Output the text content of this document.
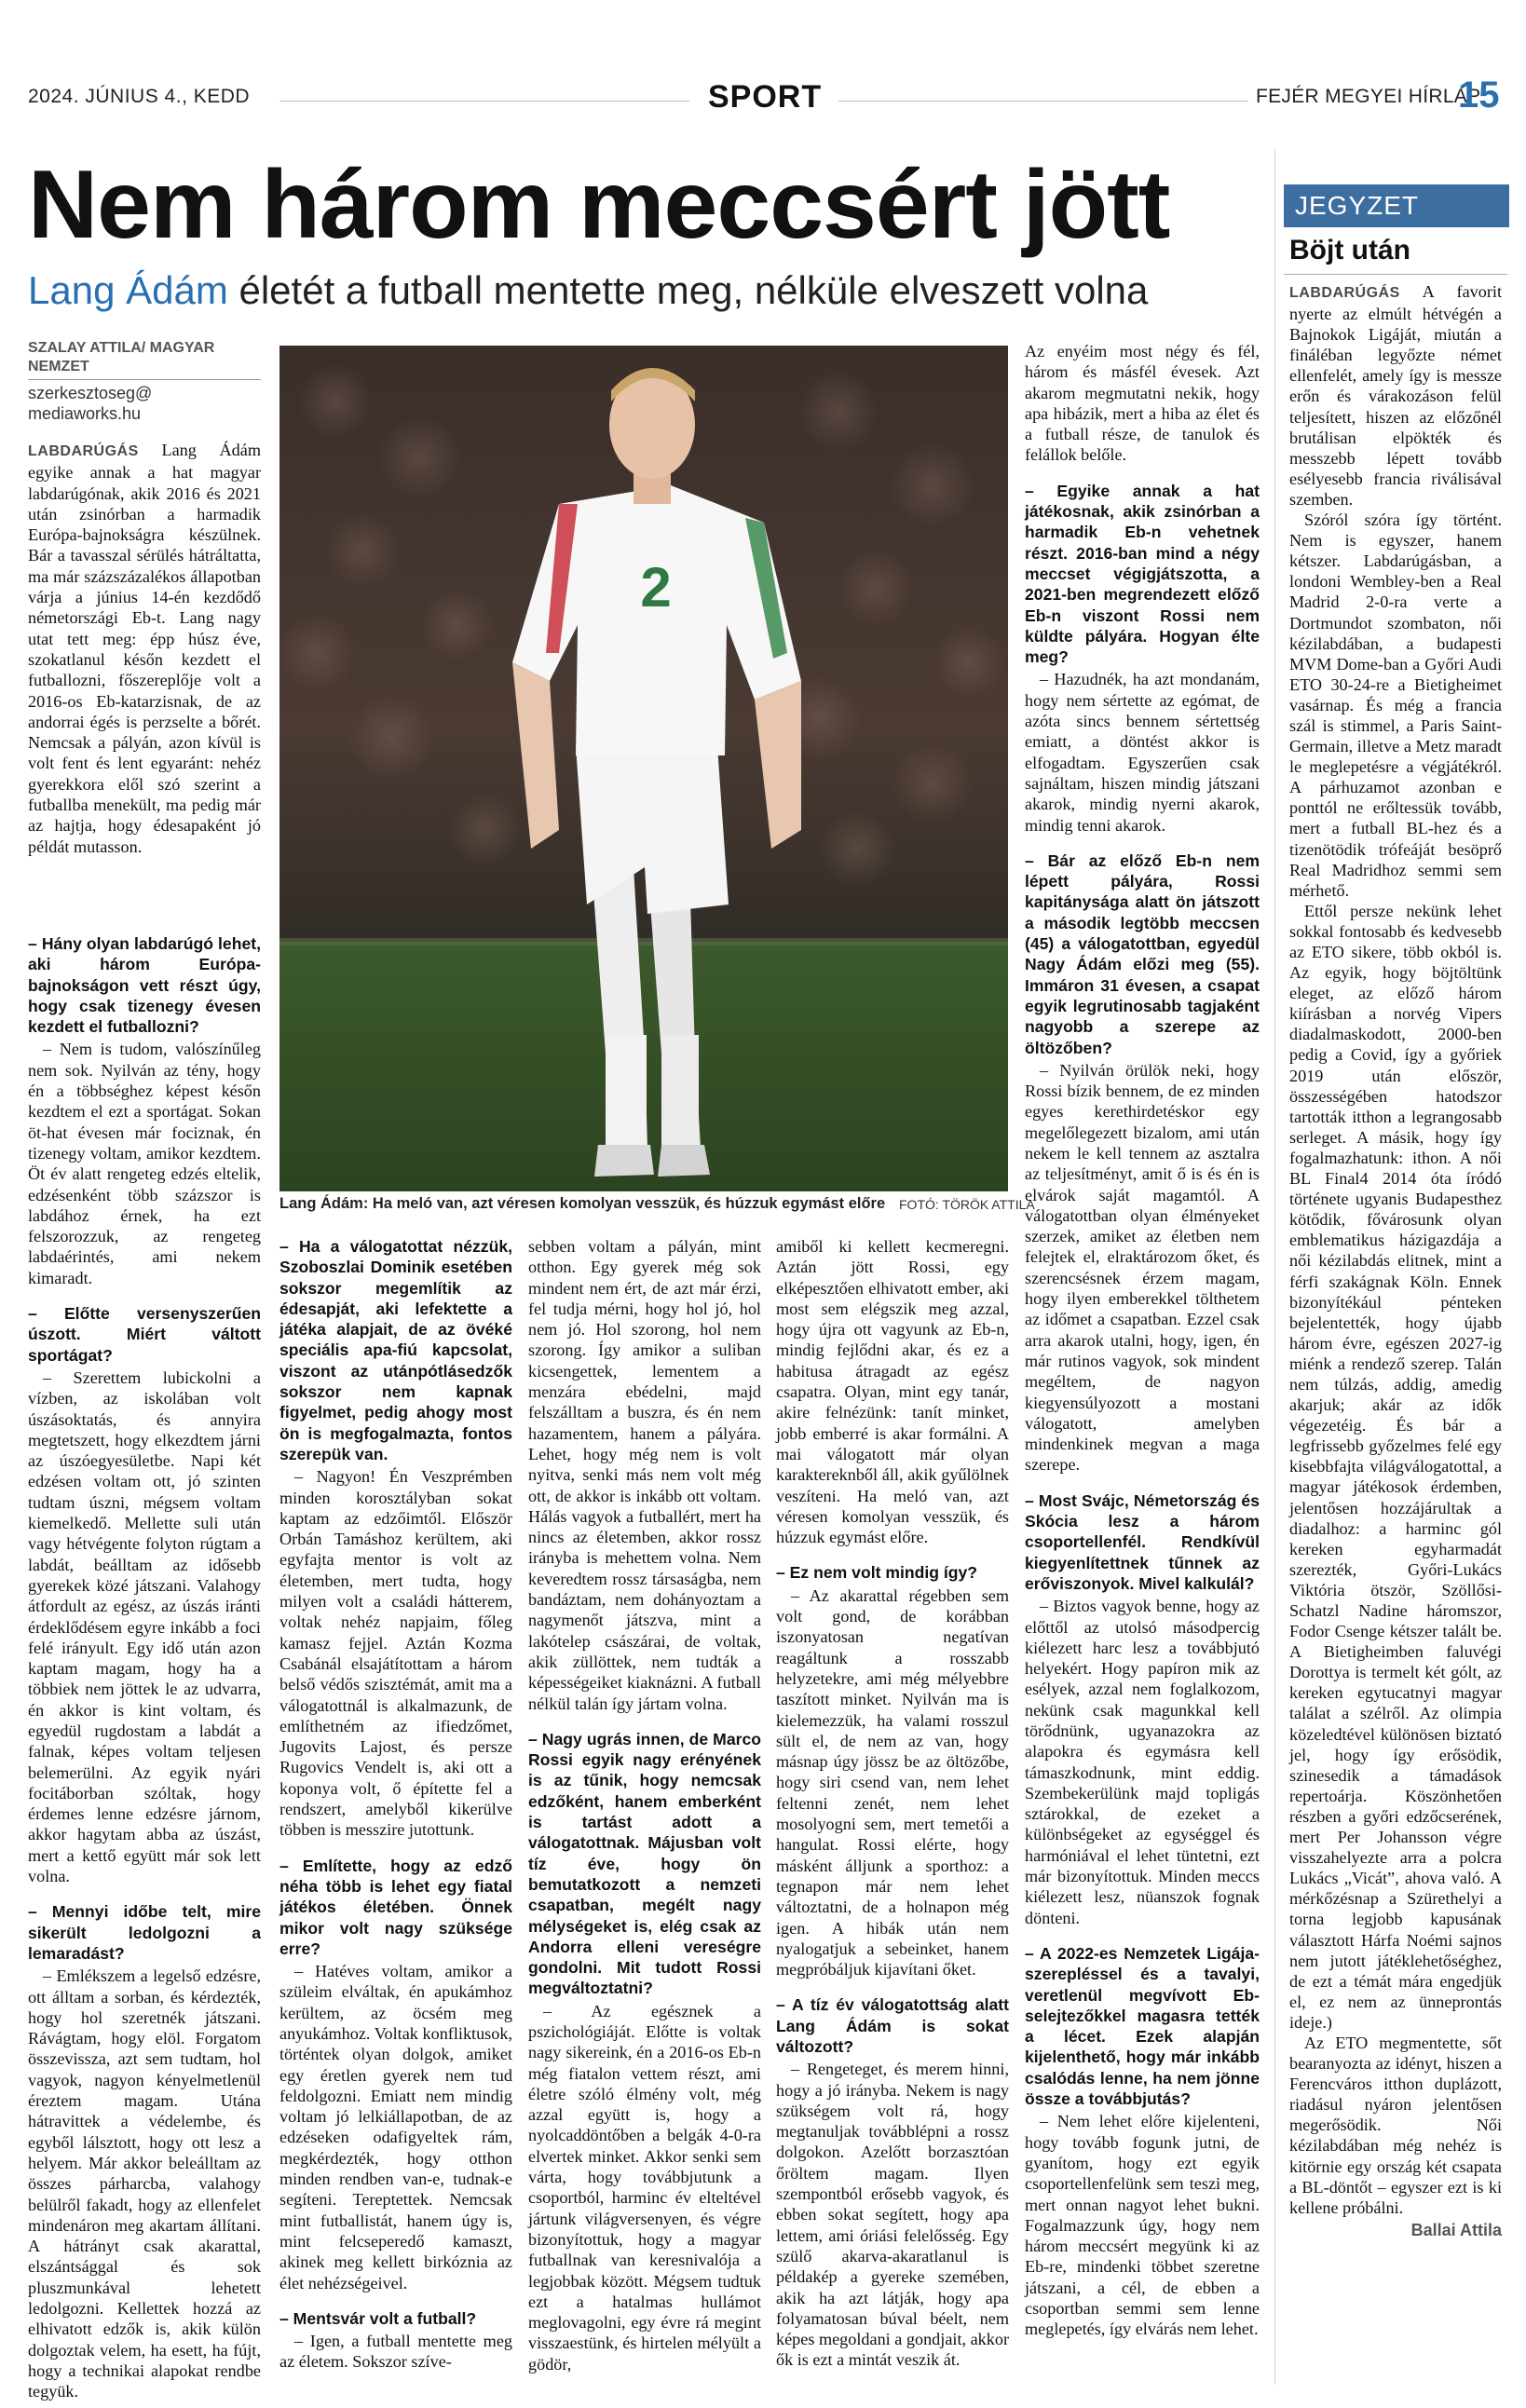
2024. JÚNIUS 4., KEDD	SPORT	FEJÉR MEGYEI HÍRLAP
15
Nem három meccsért jött
Lang Ádám életét a futball mentette meg, nélküle elveszett volna
SZALAY ATTILA/ MAGYAR NEMZET
szerkesztoseg@ mediaworks.hu

LABDARÚGÁS Lang Ádám egyike annak a hat magyar labdarúgónak, akik 2016 és 2021 után zsinórban a harmadik Európa-bajnokságra készülnek. Bár a tavasszal sérülés hátráltatta, ma már százszázalékos állapotban várja a június 14-én kezdődő németországi Eb-t. Lang nagy utat tett meg: épp húsz éve, szokatlanul későn kezdett el futballozni, főszereplője volt a 2016-os Eb-katarzisnak, de az andorrai égés is perzselte a bőrét. Nemcsak a pályán, azon kívül is volt fent és lent egyaránt: nehéz gyerekkora elől szó szerint a futballba menekült, ma pedig már az hajtja, hogy édesapaként jó példát mutasson.

2
Lang Ádám: Ha meló van, azt véresen komolyan vesszük, és húzzuk egymást előre FOTÓ: TÖRÖK ATTILA

– Hány olyan labdarúgó lehet, aki három Európa-bajnokságon vett részt úgy, hogy csak tizenegy évesen kezdett el futballozni?

– Nem is tudom, valószínűleg nem sok. Nyilván az tény, hogy én a többséghez képest későn kezdtem el ezt a sportágat. Sokan öt-hat évesen már fociznak, én tizenegy voltam, amikor kezdtem. Öt év alatt rengeteg edzés eltelik, edzésenként több százszor is labdához érnek, ha ezt felszorozzuk, az rengeteg labdaérintés, ami nekem kimaradt.

– Előtte versenyszerűen úszott. Miért váltott sportágat?

– Szerettem lubickolni a vízben, az iskolában volt úszásoktatás, és annyira megtetszett, hogy elkezdtem járni az úszóegyesületbe. Napi két edzésen voltam ott, jó szinten tudtam úszni, mégsem voltam kiemelkedő. Mellette suli után vagy hétvégente folyton rúgtam a labdát, beálltam az idősebb gyerekek közé játszani. Valahogy átfordult az egész, az úszás iránti érdeklődésem egyre inkább a foci felé irányult. Egy idő után azon kaptam magam, hogy ha a többiek nem jöttek le az udvarra, én akkor is kint voltam, és egyedül rugdostam a labdát a falnak, képes voltam teljesen belemerülni. Az egyik nyári focitáborban szóltak, hogy érdemes lenne edzésre járnom, akkor hagytam abba az úszást, mert a kettő együtt már sok lett volna.

– Mennyi időbe telt, mire sikerült ledolgozni a lemaradást?

– Emlékszem a legelső edzésre, ott álltam a sorban, és kérdezték, hogy hol szeretnék játszani. Rávágtam, hogy elöl. Forgatom összevissza, azt sem tudtam, hol vagyok, nagyon kényelmetlenül éreztem magam. Utána hátravittek a védelembe, és egyből lálsztott, hogy ott lesz a helyem. Már akkor beleálltam az összes párharcba, valahogy belülről fakadt, hogy az ellenfelet mindenáron meg akartam állítani. A hátrányt csak akarattal, elszántsággal és sok pluszmunkával lehetett ledolgozni. Kellettek hozzá az elhivatott edzők is, akik külön dolgoztak velem, ha esett, ha fújt, hogy a technikai alapokat rendbe tegyük.

– Ha a válogatottat nézzük, Szoboszlai Dominik esetében sokszor megemlítik az édesapját, aki lefektette a játéka alapjait, de az övéké speciális apa-fiú kapcsolat, viszont az utánpótlásedzők sokszor nem kapnak figyelmet, pedig ahogy most ön is megfogalmazta, fontos szerepük van.

– Nagyon! Én Veszprémben minden korosztályban sokat kaptam az edzőimtől. Először Orbán Tamáshoz kerültem, aki egyfajta mentor is volt az életemben, mert tudta, hogy milyen volt a családi hátterem, voltak nehéz napjaim, főleg kamasz fejjel. Aztán Kozma Csabánál elsajátítottam a három belső védős szisztémát, amit ma a válogatottnál is alkalmazunk, de említhetném az ifiedzőmet, Jugovits Lajost, és persze Rugovics Vendelt is, aki ott a koponya volt, ő építette fel a rendszert, amelyből kikerülve többen is messzire jutottunk.

– Említette, hogy az edző néha több is lehet egy fiatal játékos életében. Önnek mikor volt nagy szüksége erre?

– Hatéves voltam, amikor a szüleim elváltak, én apukámhoz kerültem, az öcsém meg anyukámhoz. Voltak konfliktusok, történtek olyan dolgok, amiket egy éretlen gyerek nem tud feldolgozni. Emiatt nem mindig voltam jó lelkiállapotban, de az edzéseken odafigyeltek rám, megkérdezték, hogy otthon minden rendben van-e, tudnak-e segíteni. Tereptettek. Nemcsak mint futballistát, hanem úgy is, mint felcseperedő kamaszt, akinek meg kellett birkóznia az élet nehézségeivel.

– Mentsvár volt a futball?

– Igen, a futball mentette meg az életem. Sokszor szíve-

sebben voltam a pályán, mint otthon. Egy gyerek még sok mindent nem ért, de azt már érzi, fel tudja mérni, hogy hol jó, hol nem jó. Hol szorong, hol nem szorong. Így amikor a suliban kicsengettek, lementem a menzára ebédelni, majd felszálltam a buszra, és én nem hazamentem, hanem a pályára. Lehet, hogy még nem is volt nyitva, senki más nem volt még ott, de akkor is inkább ott voltam. Hálás vagyok a futballért, mert ha nincs az életemben, akkor rossz irányba is mehettem volna. Nem keveredtem rossz társaságba, nem bandáztam, nem dohányoztam a nagymenőt játszva, mint a lakótelep császárai, de voltak, akik züllöttek, nem tudták a képességeiket kiaknázni. A futball nélkül talán így jártam volna.

– Nagy ugrás innen, de Marco Rossi egyik nagy erényének is az tűnik, hogy nemcsak edzőként, hanem emberként is tartást adott a válogatottnak. Májusban volt tíz éve, hogy ön bemutatkozott a nemzeti csapatban, megélt nagy mélységeket is, elég csak az Andorra elleni vereségre gondolni. Mit tudott Rossi megváltoztatni?

– Az egésznek a pszichológiáját. Előtte is voltak nagy sikereink, én a 2016-os Eb-n még fiatalon vettem részt, ami életre szóló élmény volt, még azzal együtt is, hogy a nyolcaddöntőben a belgák 4-0-ra elvertek minket. Akkor senki sem várta, hogy továbbjutunk a csoportból, harminc év elteltével jártunk világversenyen, és végre bizonyítottuk, hogy a magyar futballnak van keresnivalója a legjobbak között. Mégsem tudtuk ezt a hatalmas hullámot meglovagolni, egy évre rá megint visszaestünk, és hirtelen mélyült a gödör,

amiből ki kellett kecmeregni. Aztán jött Rossi, egy elképesztően elhivatott ember, aki most sem elégszik meg azzal, hogy újra ott vagyunk az Eb-n, mindig fejlődni akar, és ez a habitusa átragadt az egész csapatra. Olyan, mint egy tanár, akire felnézünk: tanít minket, jobb emberré is akar formálni. A mai válogatott már olyan karaktereknből áll, akik gyűlölnek veszíteni. Ha meló van, azt véresen komolyan vesszük, és húzzuk egymást előre.

– Ez nem volt mindig így?

– Az akarattal régebben sem volt gond, de korábban iszonyatosan negatívan reagáltunk a rosszabb helyzetekre, ami még mélyebbre taszított minket. Nyilván ma is kielemezzük, ha valami rosszul sült el, de nem az van, hogy másnap úgy jössz be az öltözőbe, hogy siri csend van, nem lehet feltenni zenét, nem lehet mosolyogni sem, mert temetői a hangulat. Rossi elérte, hogy másként álljunk a sporthoz: a tegnapon már nem lehet változtatni, de a holnapon még igen. A hibák után nem nyalogatjuk a sebeinket, hanem megpróbáljuk kijavítani őket.

– A tíz év válogatottság alatt Lang Ádám is sokat változott?

– Rengeteget, és merem hinni, hogy a jó irányba. Nekem is nagy szükségem volt rá, hogy megtanuljak továbblépni a rossz dolgokon. Azelőtt borzasztóan őröltem magam. Ilyen szempontból erősebb vagyok, és ebben sokat segített, hogy apa lettem, ami óriási felelősség. Egy szülő akarva-akaratlanul is példakép a gyereke szemében, akik ha azt látják, hogy apa folyamatosan búval béelt, nem képes megoldani a gondjait, akkor ők is ezt a mintát veszik át.

Az enyéim most négy és fél, három és másfél évesek. Azt akarom megmutatni nekik, hogy apa hibázik, mert a hiba az élet és a futball része, de tanulok és felállok belőle.

– Egyike annak a hat játékosnak, akik zsinórban a harmadik Eb-n vehetnek részt. 2016-ban mind a négy meccset végigjátszotta, a 2021-ben megrendezett előző Eb-n viszont Rossi nem küldte pályára. Hogyan élte meg?

– Hazudnék, ha azt mondanám, hogy nem sértette az egómat, de azóta sincs bennem sértettség emiatt, a döntést akkor is elfogadtam. Egyszerűen csak sajnáltam, hiszen mindig játszani akarok, mindig nyerni akarok, mindig tenni akarok.

– Bár az előző Eb-n nem lépett pályára, Rossi kapitánysága alatt ön játszott a második legtöbb meccsen (45) a válogatottban, egyedül Nagy Ádám előzi meg (55). Immáron 31 évesen, a csapat egyik legrutinosabb tagjaként nagyobb a szerepe az öltözőben?

– Nyilván örülök neki, hogy Rossi bízik bennem, de ez minden egyes kerethirdetéskor egy megelőlegezett bizalom, ami után nekem le kell tennem az asztalra az teljesítményt, amit ő is és én is elvárok saját magamtól. A válogatottban olyan élményeket szerzek, amiket az életben nem felejtek el, elraktározom őket, és szerencsésnek érzem magam, hogy ilyen emberekkel tölthetem az időmet a csapatban. Ezzel csak arra akarok utalni, hogy, igen, én már rutinos vagyok, sok mindent megéltem, de nagyon kiegyensúlyozott a mostani válogatott, amelyben mindenkinek megvan a maga szerepe.

– Most Svájc, Németország és Skócia lesz a három csoportellenfél. Rendkívül kiegyenlítettnek tűnnek az erőviszonyok. Mivel kalkulál?

– Biztos vagyok benne, hogy az előttől az utolsó másodpercig kiélezett harc lesz a továbbjutó helyekért. Hogy papíron mik az esélyek, azzal nem foglalkozom, nekünk csak magunkkal kell törődnünk, ugyanazokra az alapokra és egymásra kell támaszkodnunk, mint eddig. Szembekerülünk majd topligás sztárokkal, de ezeket a különbségeket az egységgel és harmóniával el lehet tüntetni, ezt már bizonyítottuk. Minden meccs kiélezett lesz, nüanszok fognak dönteni.

– A 2022-es Nemzetek Ligája-szerepléssel és a tavalyi, veretlenül megvívott Eb-selejtezőkkel magasra tették a lécet. Ezek alapján kijelenthető, hogy már inkább csalódás lenne, ha nem jönne össze a továbbjutás?

– Nem lehet előre kijelenteni, hogy tovább fogunk jutni, de gyanítom, hogy ezt egyik csoportellenfelünk sem teszi meg, mert onnan nagyot lehet bukni. Fogalmazzunk úgy, hogy nem három meccsért megyünk ki az Eb-re, mindenki többet szeretne játszani, a cél, de ebben a csoportban semmi sem lenne meglepetés, így elvárás nem lehet.

JEGYZET
Böjt után

LABDARÚGÁS A favorit nyerte az elmúlt hétvégén a Bajnokok Ligáját, miután a fináléban legyőzte német ellenfelét, amely így is messze erőn és várakozáson felül teljesített, hiszen az előzőnél brutálisan elpökték és messzebb lépett tovább esélyesebb francia riválisával szemben.

Szóról szóra így történt. Nem is egyszer, hanem kétszer. Labdarúgásban, a londoni Wembley-ben a Real Madrid 2-0-ra verte a Dortmundot szombaton, női kézilabdában, a budapesti MVM Dome-ban a Győri Audi ETO 30-24-re a Bietigheimet vasárnap. És még a francia szál is stimmel, a Paris Saint-Germain, illetve a Metz maradt le meglepetésre a végjátékról. A párhuzamot azonban e ponttól ne erőltessük tovább, mert a futball BL-hez és a tizenötödik trófeáját besöprő Real Madridhoz semmi sem mérhető.

Ettől persze nekünk lehet sokkal fontosabb és kedvesebb az ETO sikere, több okból is. Az egyik, hogy böjtöltünk eleget, az előző három kiírásban a norvég Vipers diadalmaskodott, 2000-ben pedig a Covid, így a győriek 2019 után először, összességében hatodszor tartották itthon a legrangosabb serleget. A másik, hogy így fogalmazhatunk: ithon. A női BL Final4 2014 óta íródó története ugyanis Budapesthez kötődik, fővárosunk olyan emblematikus házigazdája a női kézilabdás elitnek, mint a férfi szakágnak Köln. Ennek bizonyítékául pénteken bejelentették, hogy újabb három évre, egészen 2027-ig miénk a rendező szerep. Talán nem túlzás, addig, amedig akarjuk; akár az idők végezetéig. És bár a legfrissebb győzelmes felé egy kisebbfajta világválogatottal, a magyar játékosok érdemben, jelentősen hozzájárultak a diadalhoz: a harminc gól kereken egyharmadát szerezték, Győri-Lukács Viktória ötször, Szöllősi-Schatzl Nadine háromszor, Fodor Csenge kétszer talált be. A Bietigheimben faluvégi Dorottya is termelt két gólt, az kereken egytucatnyi magyar találat a szélről. Az olimpia közeledtével különösen biztató jel, hogy így erősödik, szinesedik a támadások repertoárja. Köszönhetően részben a győri edzőcserének, mert Per Johansson végre visszahelyezte arra a polcra Lukács „Vicát”, ahova való. A mérkőzésnap a Szürethelyi a torna legjobb kapusának választott Hárfa Noémi sajnos nem jutott játéklehetőséghez, de ezt a témát mára engedjük el, ez nem az ünneprontás ideje.)

Az ETO megmentette, sőt bearanyozta az idényt, hiszen a Ferencváros itthon duplázott, riadásul nyáron jelentősen megerősödik. Női kézilabdában még nehéz is kitörnie egy ország két csapata a BL-döntőt – egyszer ezt is ki kellene próbálni.

Ballai Attila
